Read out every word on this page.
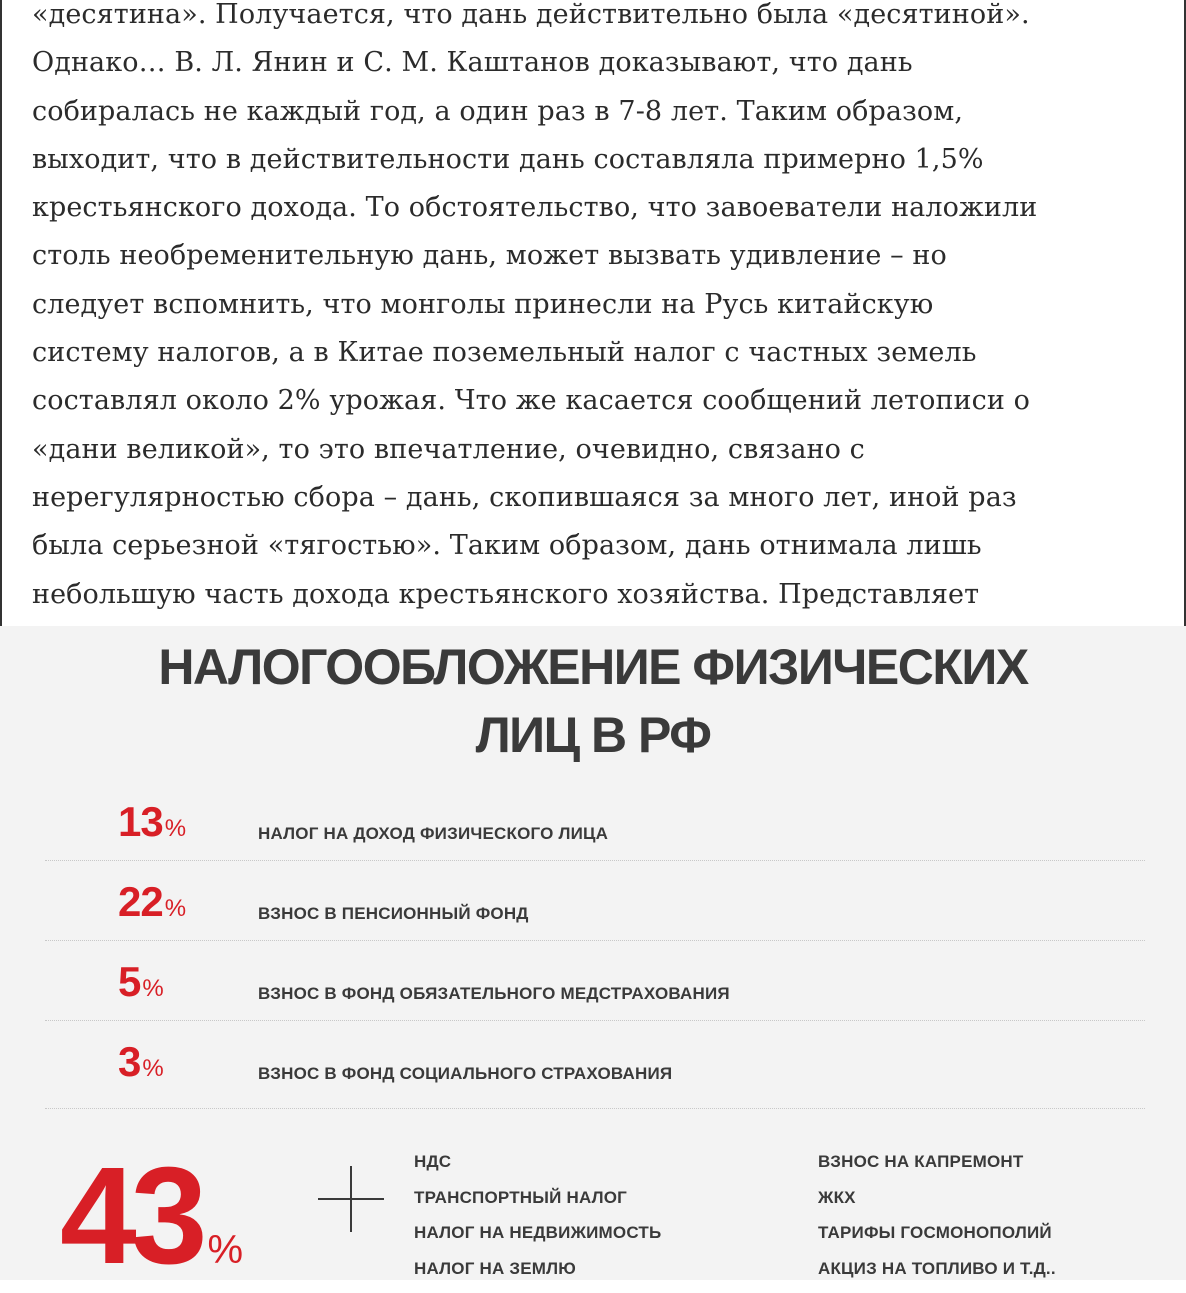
«десятина». Получается, что дань действительно была «десятиной».
Однако… В. Л. Янин и С. М. Каштанов доказывают, что дань
собиралась не каждый год, а один раз в 7-8 лет. Таким образом,
выходит, что в действительности дань составляла примерно 1,5%
крестьянского дохода. То обстоятельство, что завоеватели наложили
столь необременительную дань, может вызвать удивление – но
следует вспомнить, что монголы принесли на Русь китайскую
систему налогов, а в Китае поземельный налог с частных земель
составлял около 2% урожая. Что же касается сообщений летописи о
«дани великой», то это впечатление, очевидно, связано с
нерегулярностью сбора – дань, скопившаяся за много лет, иной раз
была серьезной «тягостью». Таким образом, дань отнимала лишь
небольшую часть дохода крестьянского хозяйства. Представляет
НАЛОГООБЛОЖЕНИЕ ФИЗИЧЕСКИХ
ЛИЦ В РФ
13%	НАЛОГ НА ДОХОД ФИЗИЧЕСКОГО ЛИЦА
22%	ВЗНОС В ПЕНСИОННЫЙ ФОНД
5%	ВЗНОС В ФОНД ОБЯЗАТЕЛЬНОГО МЕДСТРАХОВАНИЯ
3%	ВЗНОС В ФОНД СОЦИАЛЬНОГО СТРАХОВАНИЯ
43 %
НДС
ТРАНСПОРТНЫЙ НАЛОГ
НАЛОГ НА НЕДВИЖИМОСТЬ
НАЛОГ НА ЗЕМЛЮ
ВЗНОС НА КАПРЕМОНТ
ЖКХ
ТАРИФЫ ГОСМОНОПОЛИЙ
АКЦИЗ НА ТОПЛИВО И Т.Д..
